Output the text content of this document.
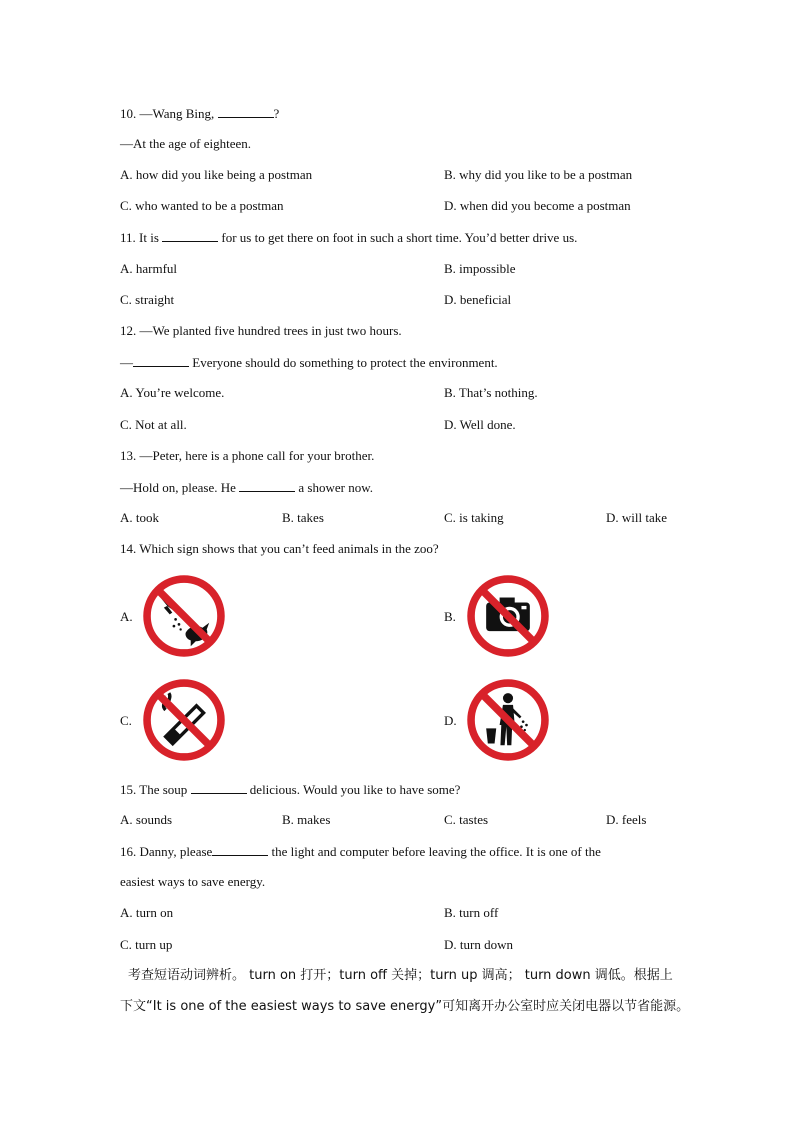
10. —Wang Bing,	?
—At the age of eighteen.
A. how did you like being a postman	B. why did you like to be a postman
C. who wanted to be a postman	D. when did you become a postman
11. It is	for us to get there on foot in such a short time. You’d better drive us.
A. harmful	B. impossible
C. straight	D. beneficial
12. —We planted five hundred trees in just two hours.
—	Everyone should do something to protect the environment.
A. You’re welcome.	B. That’s nothing.
C. Not at all.	D. Well done.
13. —Peter, here is a phone call for your brother.
—Hold on, please. He	a shower now.
A. took	B. takes	C. is taking	D. will take
14. Which sign shows that you can’t feed animals in the zoo?
A.	B.
C.	D.
15. The soup	delicious. Would you like to have some?
A. sounds	B. makes	C. tastes	D. feels
16. Danny, please	the light and computer before leaving the office. It is one of the
easiest ways to save energy.
A. turn on	B. turn off
C. turn up	D. turn down
考查短语动词辨析。 turn on 打开；turn off 关掉；turn up 调高； turn down 调低。根据上
下文“It is one of the easiest ways to save energy”可知离开办公室时应关闭电器以节省能源。
